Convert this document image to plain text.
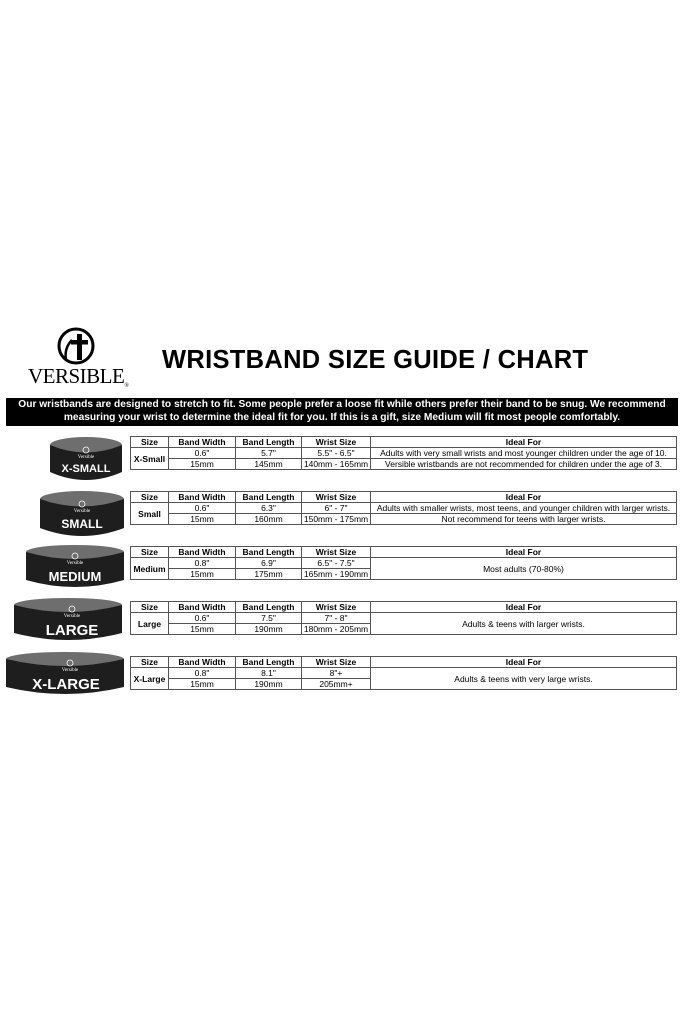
VERSIBLE®
WRISTBAND SIZE GUIDE / CHART
Our wristbands are designed to stretch to fit. Some people prefer a loose fit while others prefer their band to be snug. We recommend
measuring your wrist to determine the ideal fit for you. If this is a gift, size Medium will fit most people comfortably.
Versible
X-SMALL
Versible
SMALL
Versible
MEDIUM
Versible
LARGE
Versible
X-LARGE
Size	Band Width	Band Length	Wrist Size	Ideal For
X-Small	0.6"	5.7"	5.5" - 6.5"	Adults with very small wrists and most younger children under the age of 10.
	15mm	145mm	140mm - 165mm	Versible wristbands are not recommended for children under the age of 3.
Size	Band Width	Band Length	Wrist Size	Ideal For
Small	0.6"	6.3"	6" - 7"	Adults with smaller wrists, most teens, and younger children with larger wrists.
	15mm	160mm	150mm - 175mm	Not recommend for teens with larger wrists.
Size	Band Width	Band Length	Wrist Size	Ideal For
Medium	0.8"	6.9"	6.5" - 7.5"	Most adults (70-80%)
	15mm	175mm	165mm - 190mm	
Size	Band Width	Band Length	Wrist Size	Ideal For
Large	0.6"	7.5"	7" - 8"	Adults & teens with larger wrists.
	15mm	190mm	180mm - 205mm	
Size	Band Width	Band Length	Wrist Size	Ideal For
X-Large	0.8"	8.1"	8"+	Adults & teens with very large wrists.
	15mm	190mm	205mm+	
